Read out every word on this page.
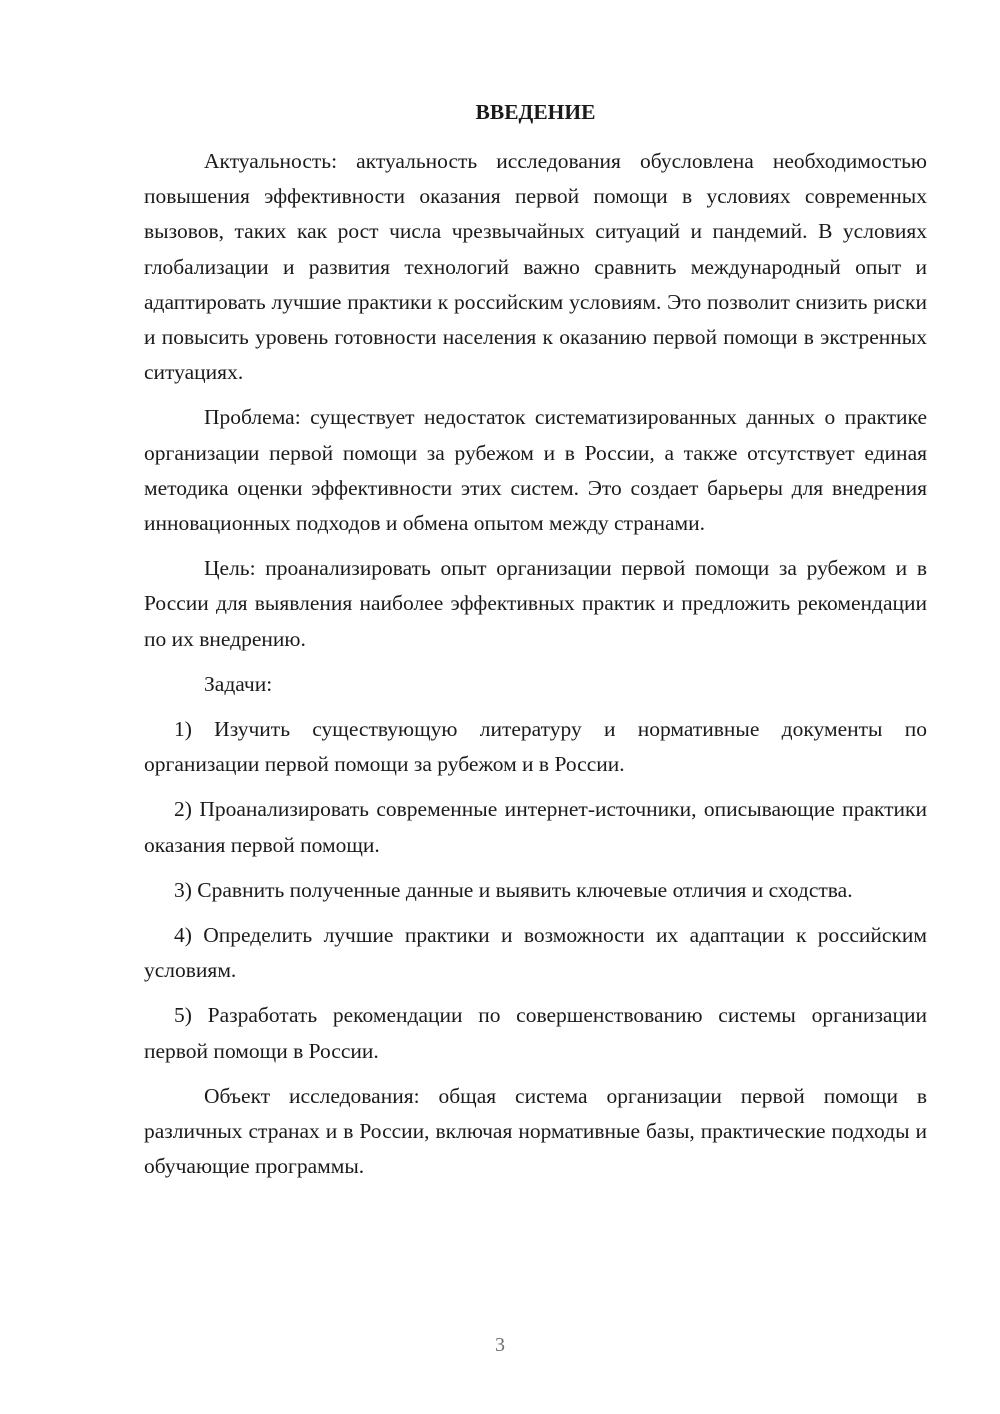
ВВЕДЕНИЕ

Актуальность: актуальность исследования обусловлена необходимостью повышения эффективности оказания первой помощи в условиях современных вызовов, таких как рост числа чрезвычайных ситуаций и пандемий. В условиях глобализации и развития технологий важно сравнить международный опыт и адаптировать лучшие практики к российским условиям. Это позволит снизить риски и повысить уровень готовности населения к оказанию первой помощи в экстренных ситуациях.

Проблема: существует недостаток систематизированных данных о практике организации первой помощи за рубежом и в России, а также отсутствует единая методика оценки эффективности этих систем. Это создает барьеры для внедрения инновационных подходов и обмена опытом между странами.

Цель: проанализировать опыт организации первой помощи за рубежом и в России для выявления наиболее эффективных практик и предложить рекомендации по их внедрению.

Задачи:

1) Изучить существующую литературу и нормативные документы по организации первой помощи за рубежом и в России.

2) Проанализировать современные интернет-источники, описывающие практики оказания первой помощи.

3) Сравнить полученные данные и выявить ключевые отличия и сходства.

4) Определить лучшие практики и возможности их адаптации к российским условиям.

5) Разработать рекомендации по совершенствованию системы организации первой помощи в России.

Объект исследования: общая система организации первой помощи в различных странах и в России, включая нормативные базы, практические подходы и обучающие программы.

3
